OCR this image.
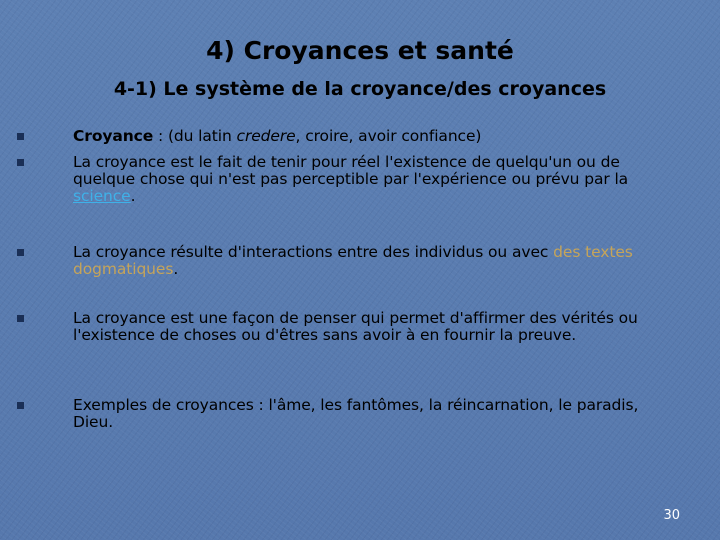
4) Croyances et santé
4-1) Le système de la croyance/des croyances
Croyance : (du latin credere, croire, avoir confiance)
La croyance est le fait de tenir pour réel l'existence de quelqu'un ou de quelque chose qui n'est pas perceptible par l'expérience ou prévu par la science.
La croyance résulte d'interactions entre des individus ou avec des textes dogmatiques.
La croyance est une façon de penser qui permet d'affirmer des vérités ou l'existence de choses ou d'êtres sans avoir à en fournir la preuve.
Exemples de croyances : l'âme, les fantômes, la réincarnation, le paradis, Dieu.
30
